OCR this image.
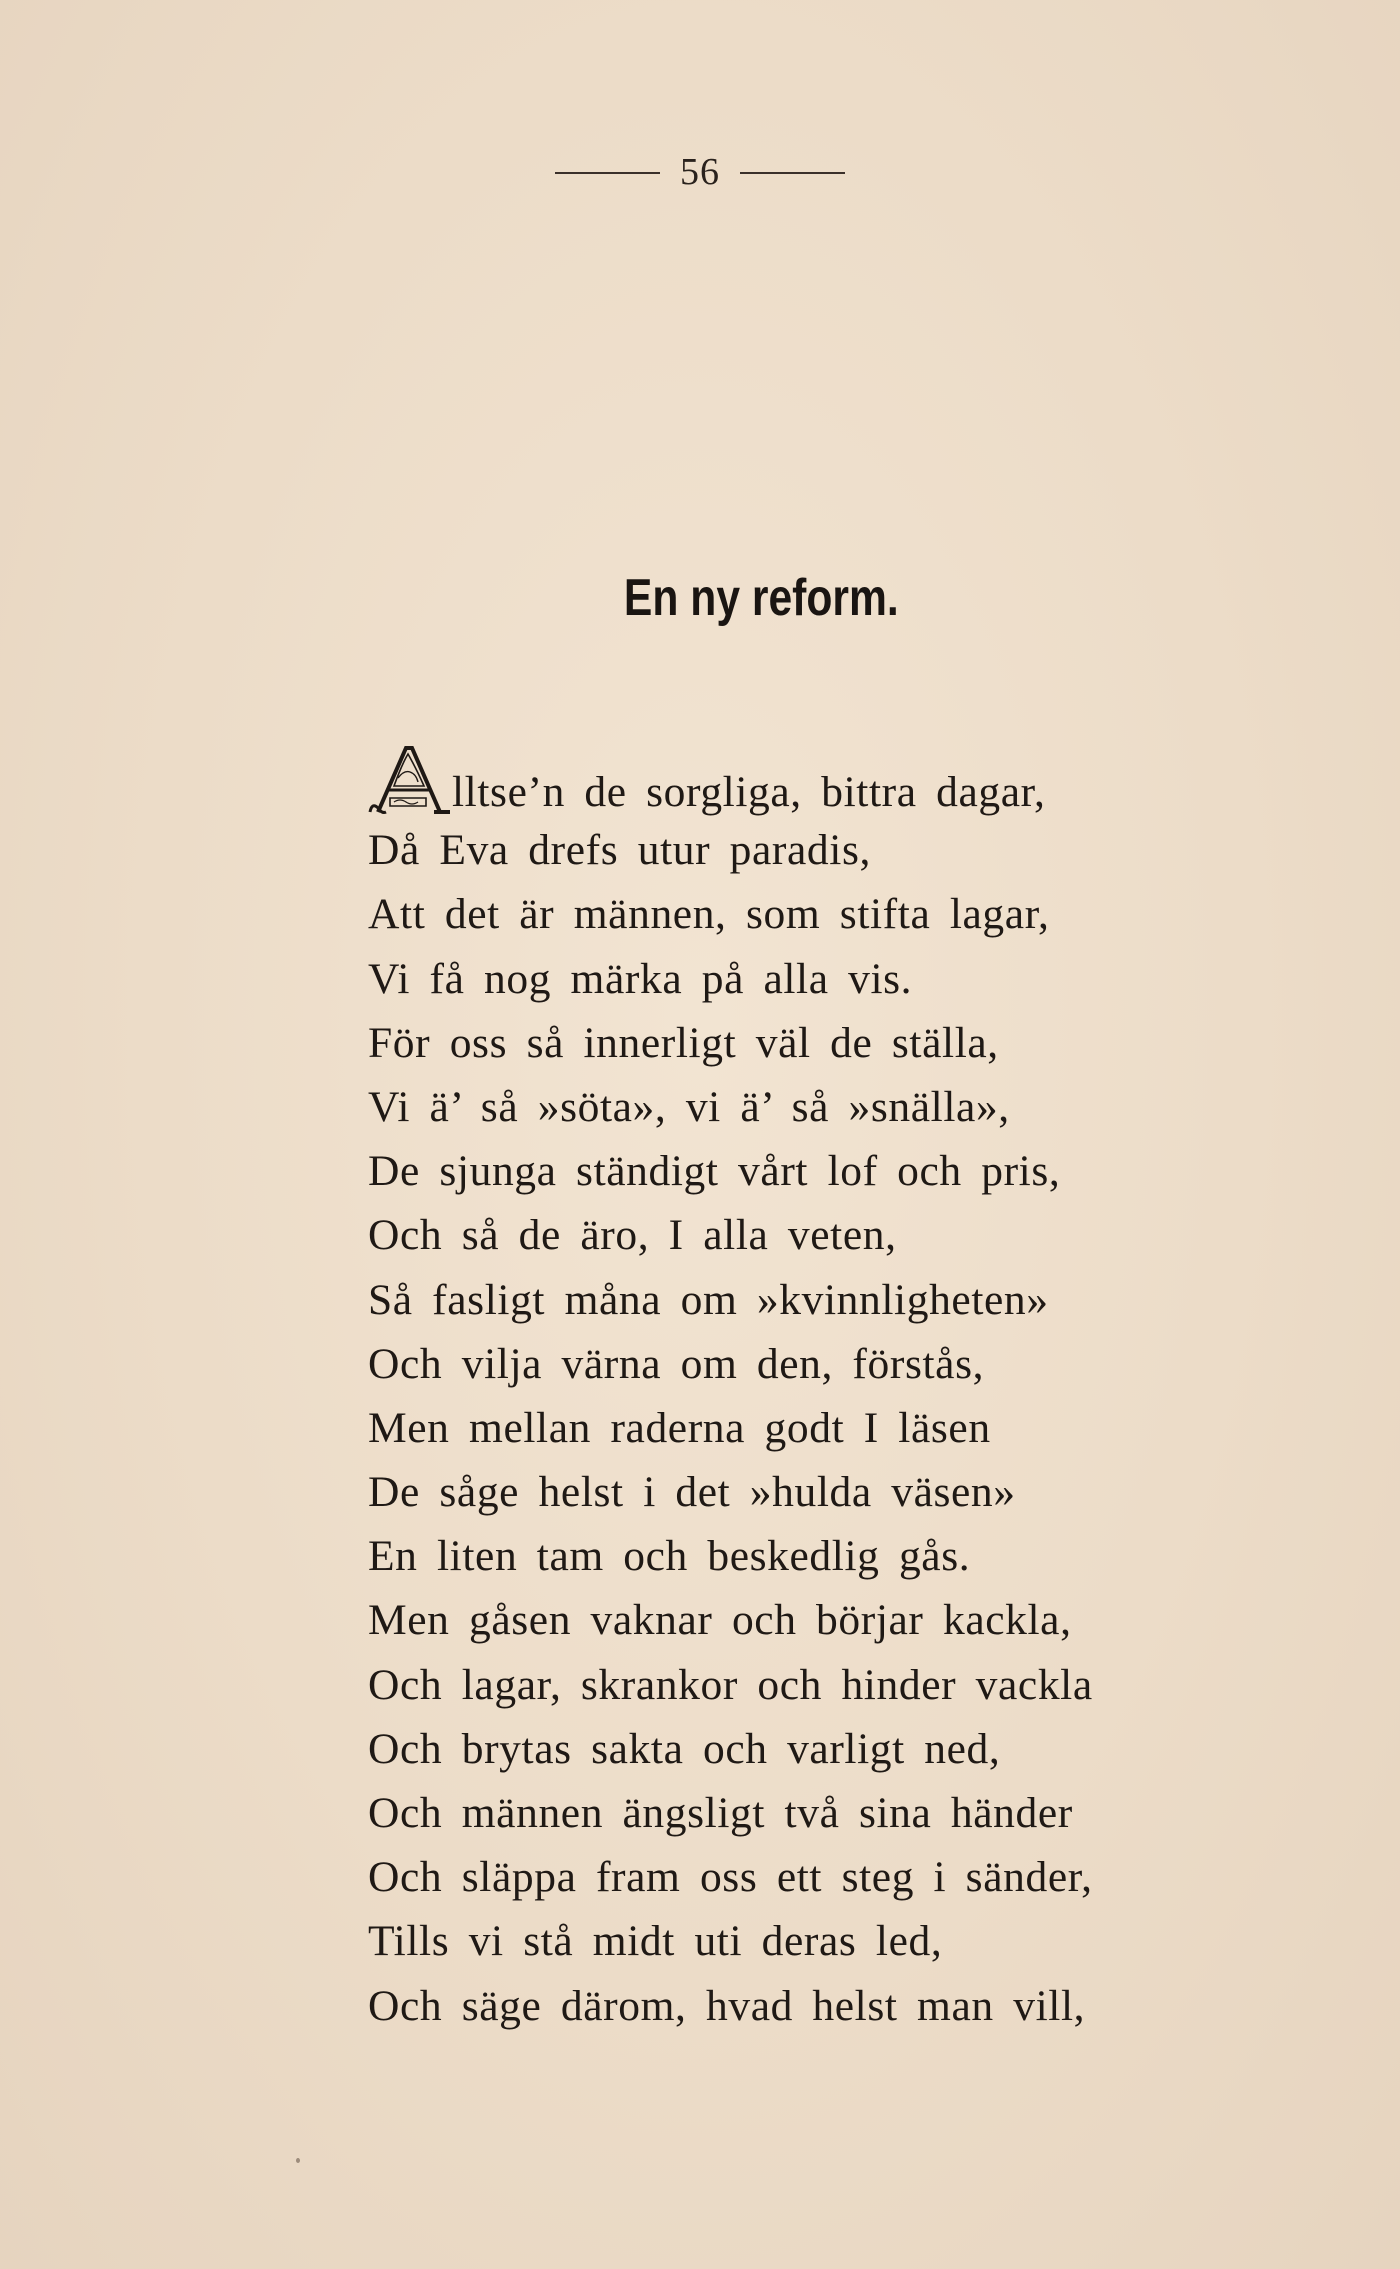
56
En ny reform.
lltse’n de sorgliga, bittra dagar,
Då Eva drefs utur paradis,
Att det är männen, som stifta lagar,
Vi få nog märka på alla vis.
För oss så innerligt väl de ställa,
Vi ä’ så »söta», vi ä’ så »snälla»,
De sjunga ständigt vårt lof och pris,
Och så de äro, I alla veten,
Så fasligt måna om »kvinnligheten»
Och vilja värna om den, förstås,
Men mellan raderna godt I läsen
De såge helst i det »hulda väsen»
En liten tam och beskedlig gås.
Men gåsen vaknar och börjar kackla,
Och lagar, skrankor och hinder vackla
Och brytas sakta och varligt ned,
Och männen ängsligt två sina händer
Och släppa fram oss ett steg i sänder,
Tills vi stå midt uti deras led,
Och säge därom, hvad helst man vill,
